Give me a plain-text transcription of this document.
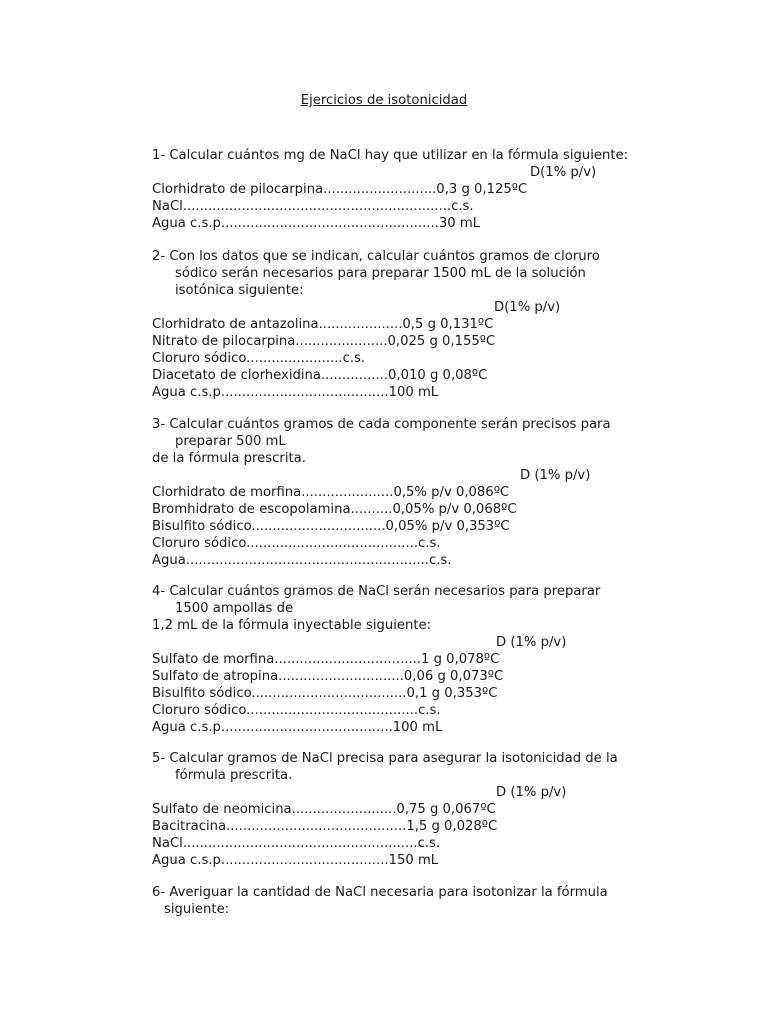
Ejercicios de isotonicidad
1- Calcular cuántos mg de NaCl hay que utilizar en la fórmula siguiente:
D(1% p/v)
Clorhidrato de pilocarpina...........................0,3 g 0,125ºC
NaCl................................................................c.s.
Agua c.s.p....................................................30 mL
2- Con los datos que se indican, calcular cuántos gramos de cloruro
sódico serán necesarios para preparar 1500 mL de la solución
isotónica siguiente:
D(1% p/v)
Clorhidrato de antazolina....................0,5 g 0,131ºC
Nitrato de pilocarpina......................0,025 g 0,155ºC
Cloruro sódico.......................c.s.
Diacetato de clorhexidina................0,010 g 0,08ºC
Agua c.s.p........................................100 mL
3- Calcular cuántos gramos de cada componente serán precisos para
preparar 500 mL
de la fórmula prescrita.
D (1% p/v)
Clorhidrato de morfina......................0,5% p/v 0,086ºC
Bromhidrato de escopolamina..........0,05% p/v 0,068ºC
Bisulfito sódico................................0,05% p/v 0,353ºC
Cloruro sódico.........................................c.s.
Agua..........................................................c.s.
4- Calcular cuántos gramos de NaCl serán necesarios para preparar
1500 ampollas de
1,2 mL de la fórmula inyectable siguiente:
D (1% p/v)
Sulfato de morfina...................................1 g 0,078ºC
Sulfato de atropina..............................0,06 g 0,073ºC
Bisulfito sódico.....................................0,1 g 0,353ºC
Cloruro sódico.........................................c.s.
Agua c.s.p.........................................100 mL
5- Calcular gramos de NaCl precisa para asegurar la isotonicidad de la
fórmula prescrita.
D (1% p/v)
Sulfato de neomicina.........................0,75 g 0,067ºC
Bacitracina...........................................1,5 g 0,028ºC
NaCl........................................................c.s.
Agua c.s.p........................................150 mL
6- Averiguar la cantidad de NaCl necesaria para isotonizar la fórmula
siguiente:
